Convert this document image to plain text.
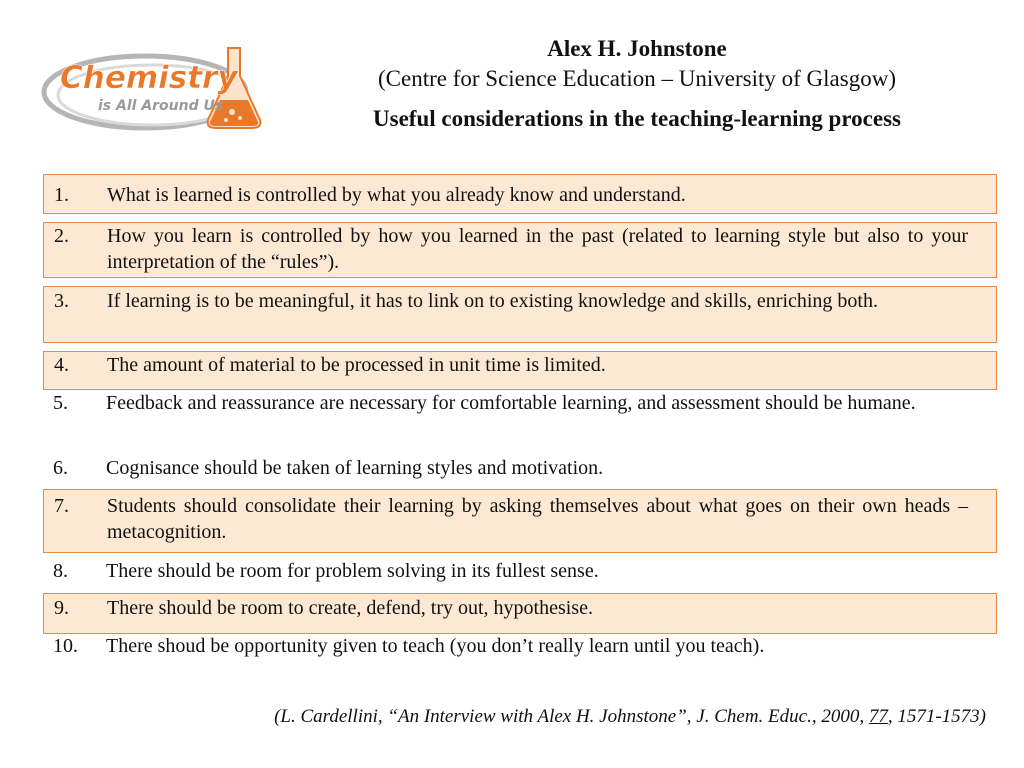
Chemistry
is All Around Us
Alex H. Johnstone
(Centre for Science Education – University of Glasgow)
Useful considerations in the teaching-learning process
1. What is learned is controlled by what you already know and understand.
2. How you learn is controlled by how you learned in the past (related to learning style but also to your interpretation of the “rules”).
3. If learning is to be meaningful, it has to link on to existing knowledge and skills, enriching both.
4. The amount of material to be processed in unit time is limited.
5. Feedback and reassurance are necessary for comfortable learning, and assessment should be humane.
6. Cognisance should be taken of learning styles and motivation.
7. Students should consolidate their learning by asking themselves about what goes on their own heads – metacognition.
8. There should be room for problem solving in its fullest sense.
9. There should be room to create, defend, try out, hypothesise.
10. There shoud be opportunity given to teach (you don’t really learn until you teach).
(L. Cardellini, “An Interview with Alex H. Johnstone”, J. Chem. Educ., 2000, 77, 1571-1573)
